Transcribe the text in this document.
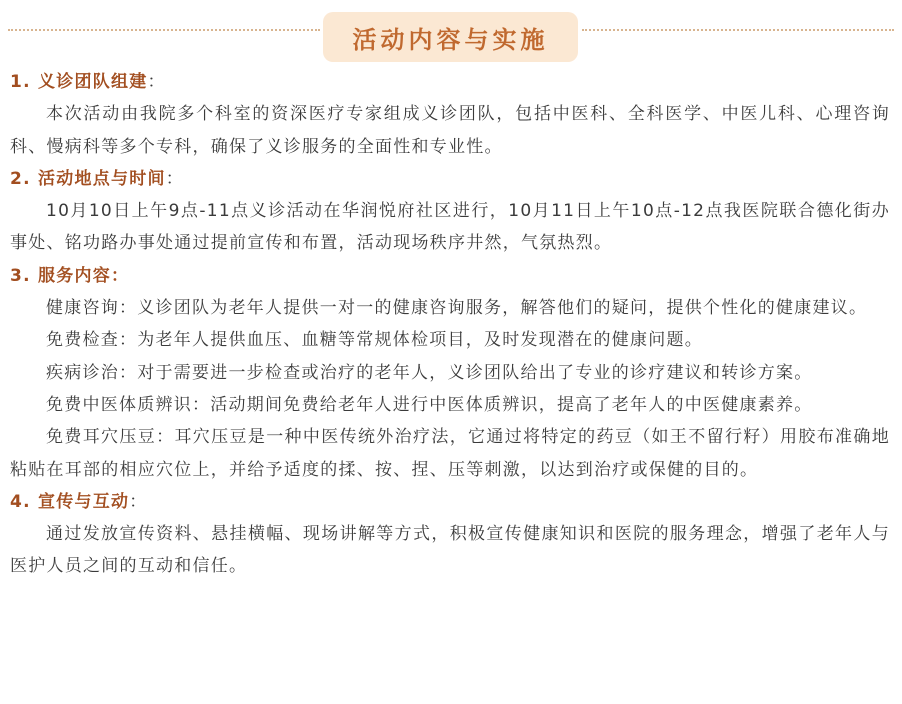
活动内容与实施

1. 义诊团队组建：

本次活动由我院多个科室的资深医疗专家组成义诊团队，包括中医科、全科医学、中医儿科、心理咨询科、慢病科等多个专科，确保了义诊服务的全面性和专业性。

2. 活动地点与时间：

10月10日上午9点-11点义诊活动在华润悦府社区进行，10月11日上午10点-12点我医院联合德化街办事处、铭功路办事处通过提前宣传和布置，活动现场秩序井然，气氛热烈。

3. 服务内容：

健康咨询：义诊团队为老年人提供一对一的健康咨询服务，解答他们的疑问，提供个性化的健康建议。

免费检查：为老年人提供血压、血糖等常规体检项目，及时发现潜在的健康问题。

疾病诊治：对于需要进一步检查或治疗的老年人，义诊团队给出了专业的诊疗建议和转诊方案。

免费中医体质辨识：活动期间免费给老年人进行中医体质辨识，提高了老年人的中医健康素养。

免费耳穴压豆：耳穴压豆是一种中医传统外治疗法，它通过将特定的药豆（如王不留行籽）用胶布准确地粘贴在耳部的相应穴位上，并给予适度的揉、按、捏、压等刺激，以达到治疗或保健的目的。

4. 宣传与互动：

通过发放宣传资料、悬挂横幅、现场讲解等方式，积极宣传健康知识和医院的服务理念，增强了老年人与医护人员之间的互动和信任。
